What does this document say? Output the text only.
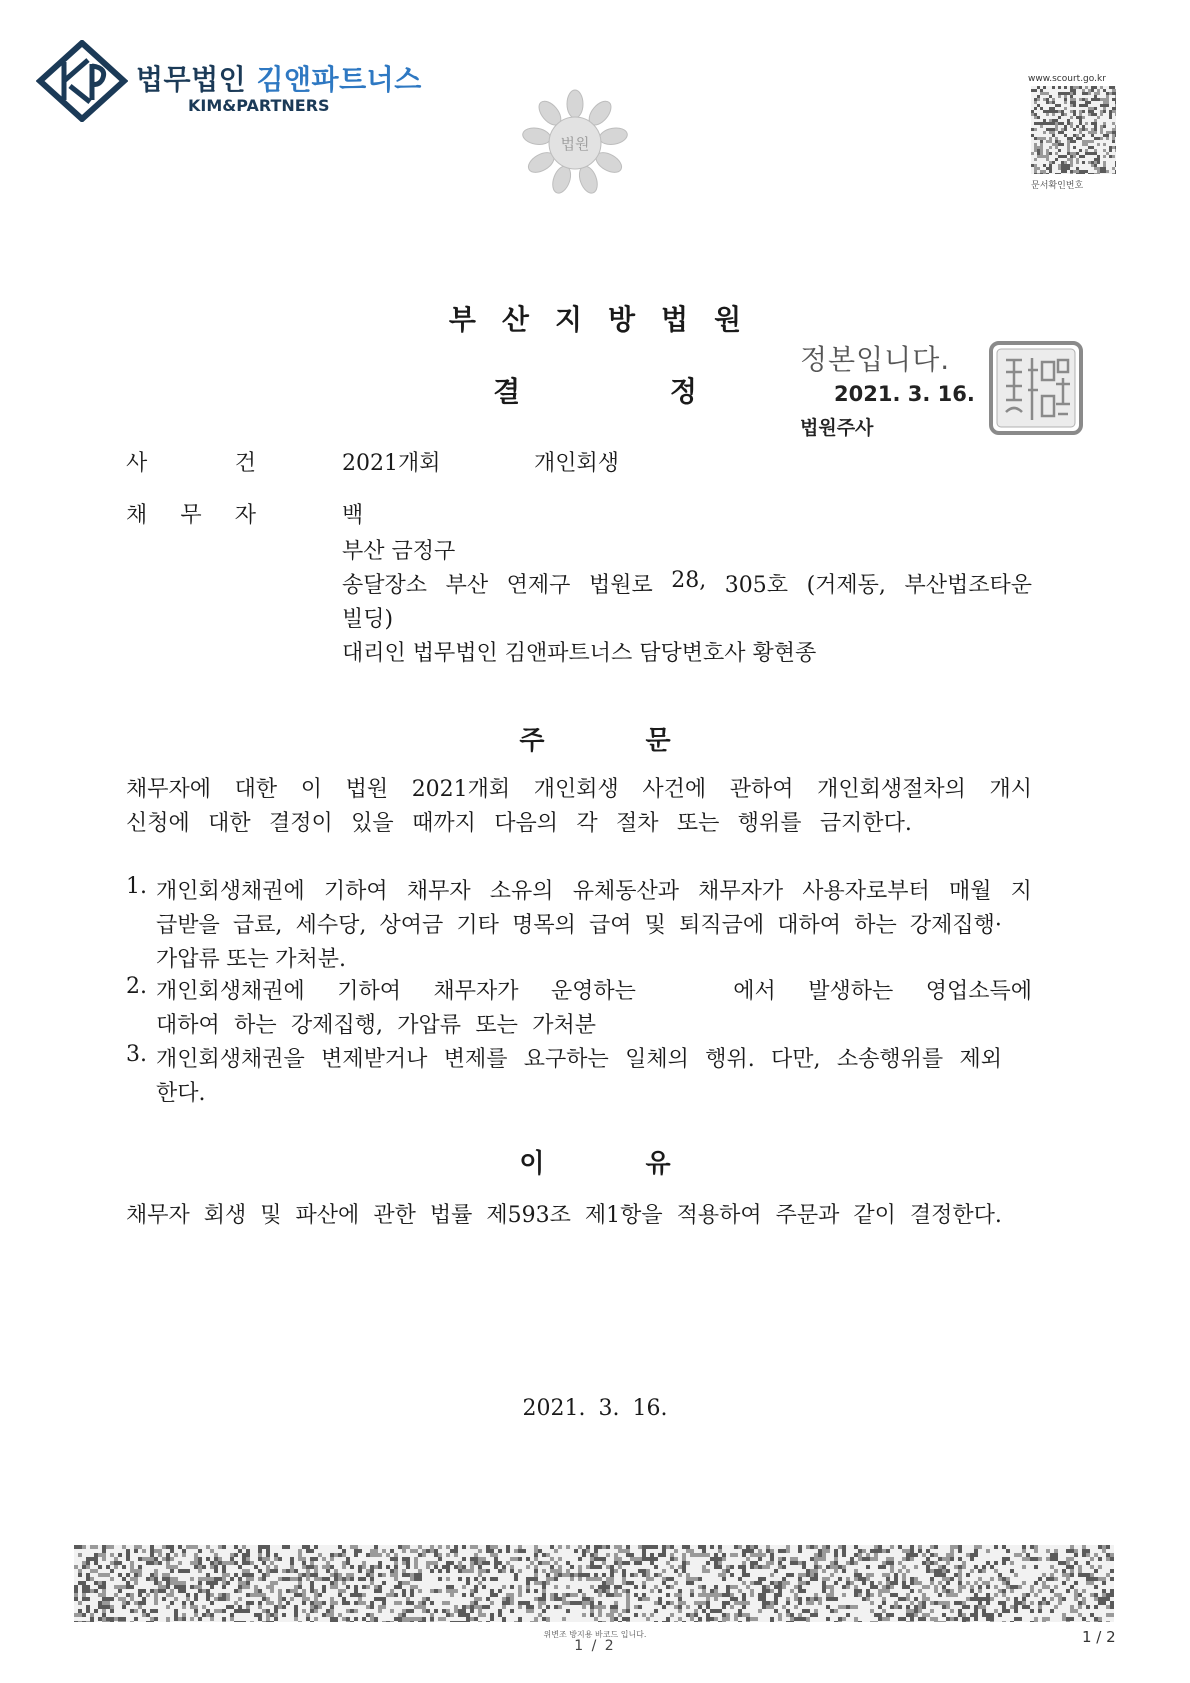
법무법인 김앤파트너스
KIM&PARTNERS
법원
www.scourt.go.kr
문서확인번호
부산지방법원
결	정
정본입니다.
2021. 3. 16.
법원주사
사	건	2021개회	개인회생
채 무 자	백
부산 금정구
송달장소 부산 연제구 법원로 28, 305호 (거제동, 부산법조타운
빌딩)
대리인 법무법인 김앤파트너스 담당변호사 황현종
주 문
채무자에 대한 이 법원 2021개회 개인회생 사건에 관하여 개인회생절차의 개시
신청에 대한 결정이 있을 때까지 다음의 각 절차 또는 행위를 금지한다.
1. 개인회생채권에 기하여 채무자 소유의 유체동산과 채무자가 사용자로부터 매월 지
급받을 급료, 세수당, 상여금 기타 명목의 급여 및 퇴직금에 대하여 하는 강제집행·
가압류 또는 가처분.
2. 개인회생채권에 기하여 채무자가 운영하는	에서 발생하는 영업소득에
대하여 하는 강제집행, 가압류 또는 가처분
3. 개인회생채권을 변제받거나 변제를 요구하는 일체의 행위. 다만, 소송행위를 제외
한다.
이 유
채무자 회생 및 파산에 관한 법률 제593조 제1항을 적용하여 주문과 같이 결정한다.
2021. 3. 16.
위변조 방지용 바코드 입니다.
1 / 2	1 / 2
